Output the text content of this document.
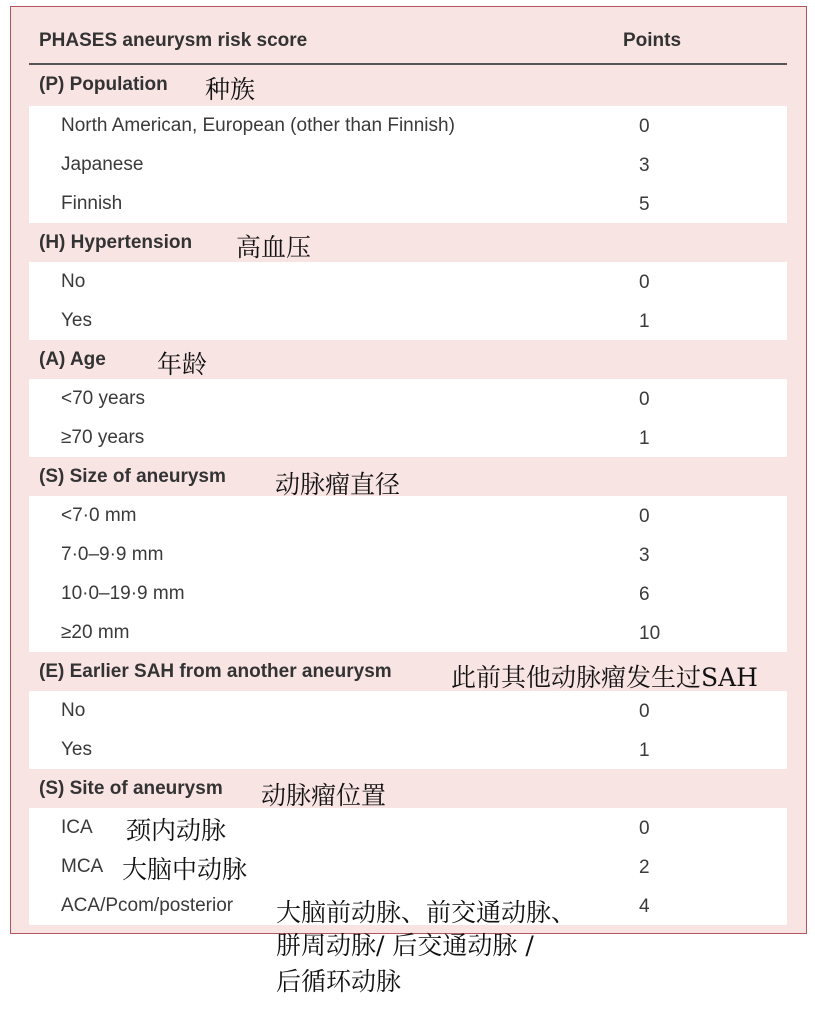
PHASES aneurysm risk score	Points
(P) Population
North American, European (other than Finnish)	0
Japanese	3
Finnish	5
(H) Hypertension
No	0
Yes	1
(A) Age
<70 years	0
≥70 years	1
(S) Size of aneurysm
<7·0 mm	0
7·0–9·9 mm	3
10·0–19·9 mm	6
≥20 mm	10
(E) Earlier SAH from another aneurysm
No	0
Yes	1
(S) Site of aneurysm
ICA	0
MCA	2
ACA/Pcom/posterior	4
种族
高血压
年龄
动脉瘤直径
此前其他动脉瘤发生过SAH
动脉瘤位置
颈内动脉
大脑中动脉
大脑前动脉、前交通动脉、
胼周动脉/ 后交通动脉 /
后循环动脉
